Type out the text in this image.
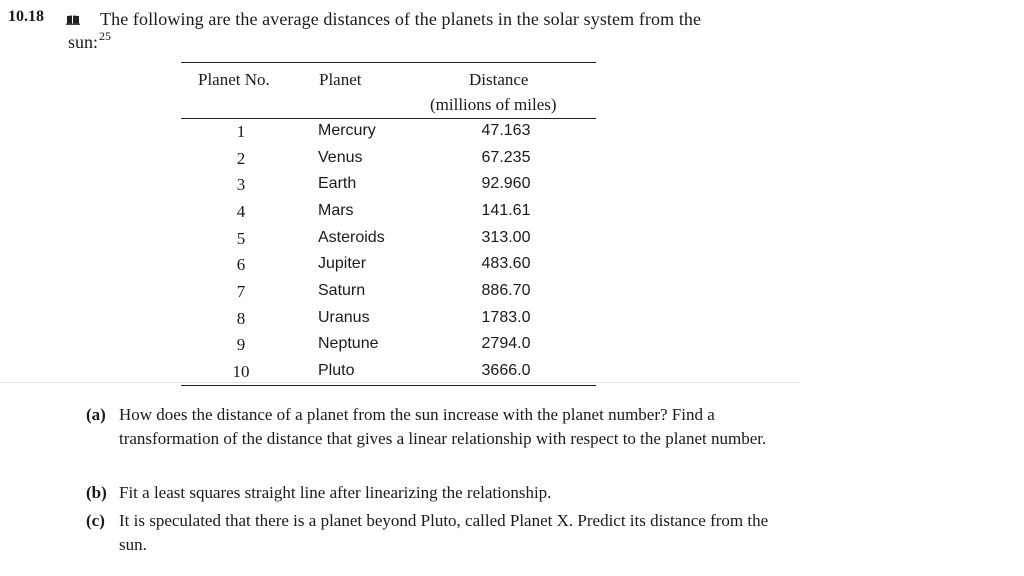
10.18	The following are the average distances of the planets in the solar system from the
sun:$^{25}$
Planet No.	Planet	Distance
(millions of miles)
1	Mercury	47.163
2	Venus	67.235
3	Earth	92.960
4	Mars	141.61
5	Asteroids	313.00
6	Jupiter	483.60
7	Saturn	886.70
8	Uranus	1783.0
9	Neptune	2794.0
10	Pluto	3666.0
(a) How does the distance of a planet from the sun increase with the planet number? Find a transformation of the distance that gives a linear relationship with respect to the planet number.
(b) Fit a least squares straight line after linearizing the relationship.
(c) It is speculated that there is a planet beyond Pluto, called Planet X. Predict its distance from the sun.
